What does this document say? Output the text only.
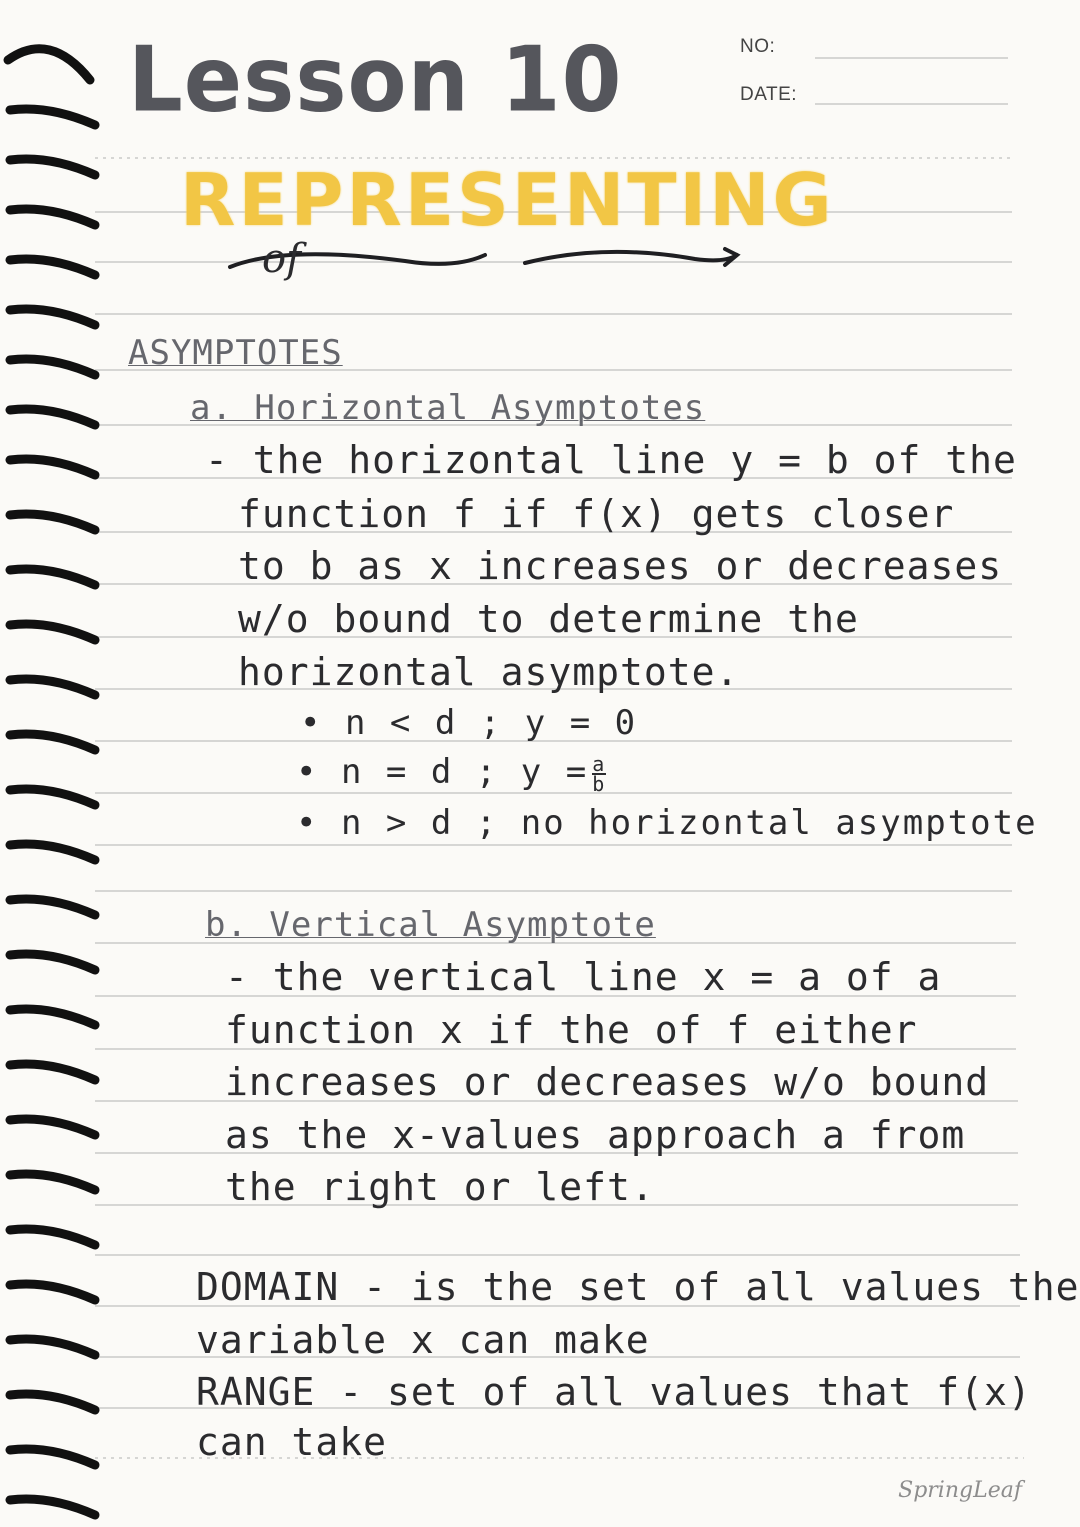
NO:
DATE:
Lesson 10
REPRESENTING
of
ASYMPTOTES
a. Horizontal Asymptotes
- the horizontal line y = b of the
function f if f(x) gets closer
to b as x increases or decreases
w/o bound to determine the
horizontal asymptote.
• n < d ; y = 0
• n = d ; $y = \frac{a}{b}$
• n > d ; no horizontal asymptote
b. Vertical Asymptote
- the vertical line x = a of a
function x if the of f either
increases or decreases w/o bound
as the x-values approach a from
the right or left.
DOMAIN - is the set of all values the
variable x can make
RANGE - set of all values that f(x)
can take
SpringLeaf
